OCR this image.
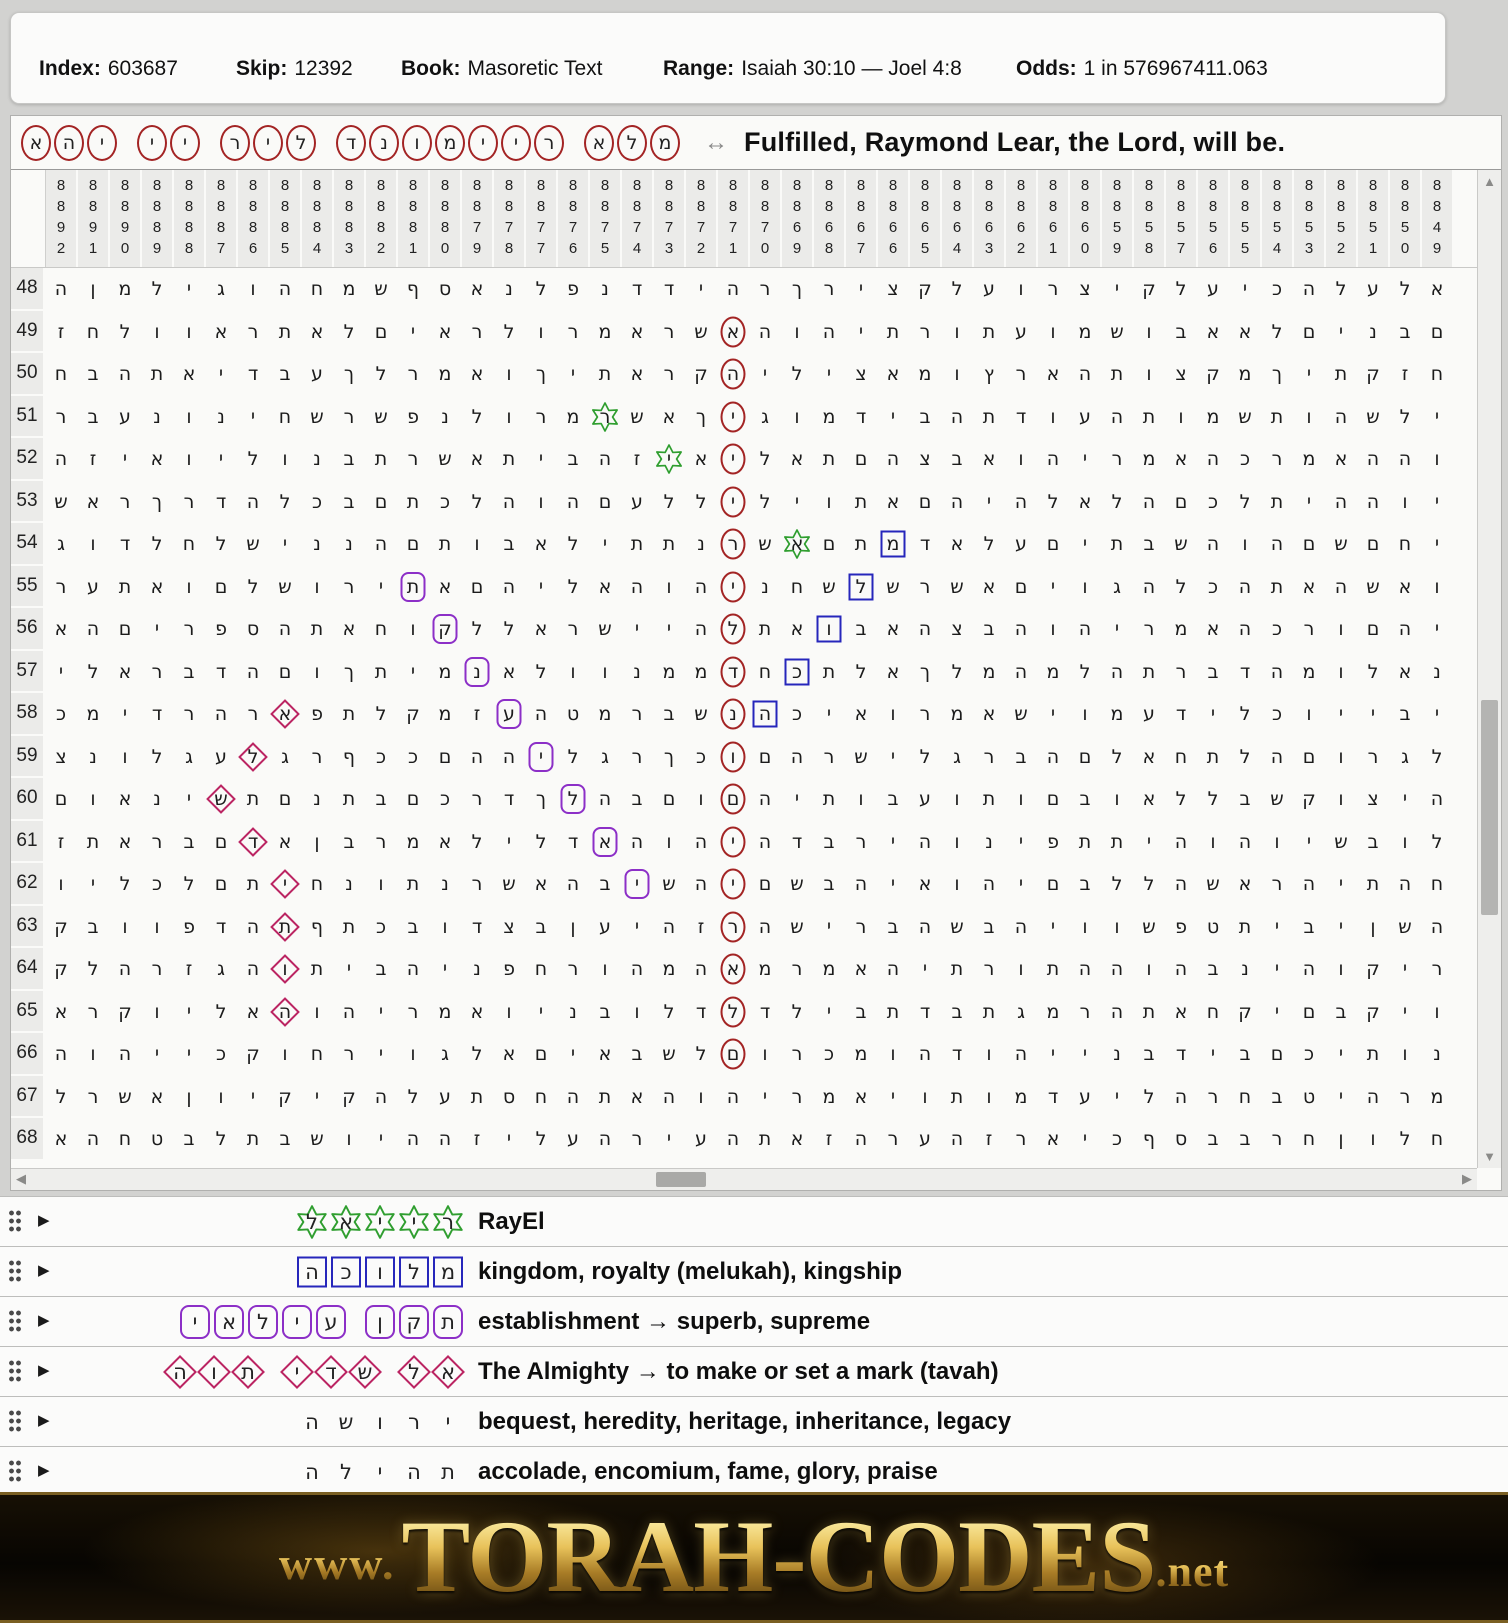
Index: 603687	Skip: 12392 Book: Masoretic Text	Range: Isaiah 30:10 — Joel 4:8	Odds: 1 in 576967411.063
א	ה	י	י	י	ר	י	ל	ד	נ	ו	מ	י	י	ר	א	ל	מ	↔ Fulfilled, Raymond Lear, the Lord, will be.
8
8
9
2
8
8
9
1
8
8
9
0
8
8
8
9
8
8
8
8
8
8
8
7
8
8
8
6
8
8
8
5
8
8
8
4
8
8
8
3
8
8
8
2
8
8
8
1
8
8
8
0
8
8
7
9
8
8
7
8
8
8
7
7
8
8
7
6
8
8
7
5
8
8
7
4
8
8
7
3
8
8
7
2
8
8
7
1
8
8
7
0
8
8
6
9
8
8
6
8
8
8
6
7
8
8
6
6
8
8
6
5
8
8
6
4
8
8
6
3
8
8
6
2
8
8
6
1
8
8
6
0
8
8
5
9
8
8
5
8
8
8
5
7
8
8
5
6
8
8
5
5
8
8
5
4
8
8
5
3
8
8
5
2
8
8
5
1
8
8
5
0
8
8
4
9
48 ה ן מ ל י ג ו ה ח מ ש ף ס א נ ל פ נ ד ד י ה ר ך ר י צ ק ל ע ו ר צ י ק ל ע י כ ה ל ע ל א
49	ז ח ל ו ו א ר ת א ל ם י א ר ל ו ר מ א ר ש א ה ו ה י ת ר ו ת ע ו מ ש ו ב א א ל ם י נ ב ם
50 ח ב ה ת א י ד ב ע ך ל ר מ א ו ך י ת א ר ק ה י ל י צ א מ ו ץ ר א ה ת ו צ ק מ ך י ת ק ז ח
51 ר ב ע נ ו נ י ח ש ר ש פ נ ל ו ר מ ר ש א ך י ג ו מ ד י ב ה ת ד ו ע ה ת ו מ ש ת ו ה ש ל י
52 ה ז י א ו י ל ו נ ב ת ר ש א ת י ב ה ז י א י ל א ת ם ה צ ב א ו ה י ר מ א ה כ ר מ א ה ה ו
53 ש א ר ך ר ד ה ל כ ב ם ת כ ל ה ו ה ם ע ל ל י ל י ו ת א ם ה י ה ל א ל ה ם כ ל ת י ה ה ו י
54	ג ו ד ל ח ל ש י נ נ ה ם ת ו ב א ל י ת ת נ ר ש א ם ת מ ד א ל ע ם י ת ב ש ה ו ה ם ש ם ח י
55 ר ע ת א ו ם ל ש ו ר י ת א ם ה י ל א ה ו ה י נ ח ש ל ש ר ש א ם י ו ג ה ל כ ה ת א ה ש א ו
56 א ה ם י ר פ ס ה ת א ח ו ק ל ל א ר ש י י ה ל ת א ו ב א ה צ ב ה ו ה י ר מ א ה כ ר ו ם ה י
57	י ל א ר ב ד ה ם ו ך ת י מ נ א ל ו ו נ מ מ ד ח כ ת ל א ך ל מ ה מ ל ה ת ר ב ד ה מ ו ל א נ
58 כ מ י ד ר ה ר א פ ת ל ק מ ז ע ה ט מ ר ב ש נ ה כ י א ו ר מ א ש י ו מ ע ד י ל כ ו י י ב י
59 צ נ ו ל ג ע ל ג ר ף כ כ ם ה ה י ל ג ר ך כ ו ם ה ר ש י ל ג ר ב ה ם ל א ח ת ל ה ם ו ר ג ל
60 ם ו א נ י ש ת ם נ ת ב ם כ ר ד ך ל ה ב ם ו ם ה י ת ו ב ע ו ת ו ם ב ו א ל ל ב ש ק ו צ י ה
61	ז ת א ר ב ם ד א ן ב ר מ א ל י ל ד א ה ו ה י ה ד ב ר י ה ו נ י פ ת ת י ה ו ה ו י ש ב ו ל
62	ו י ל כ ל ם ת י ח נ ו ת נ ר ש א ה ב י ש ה י ם ש ב ה י א ו ה י ם ב ל ל ה ש א ר ה י ת ה ח
63 ק ב ו ו פ ד ה ת ף ת כ ב ו ד צ ב ן ע י ה ז ר ה ש י ר ב ה ש ב ה י ו ו ש פ ט ת י ב י ן ש ה
64 ק ל ה ר ז ג ה ו ת י ב ה י נ פ ח ר ו ה מ ה א מ ר מ א ה י ת ר ו ת ה ה ו ה ב נ י ה ו ק י ר
65 א ר ק ו י ל א ה ו ה י ר מ א ו י נ ב ו ל ד ל ד ל י ב ת ד ב ת ג מ ר ה ת א ח ק י ם ב ק י ו
66 ה ו ה י י כ ק ו ח ר י ו ג ל א ם י א ב ש ל ם ו ר כ מ ו ה ד ו ה י י נ ב ד י ב ם כ י ת ו נ
67 ל ר ש א ן ו י ק י ק ה ל ע ת ס ח ה ת א ה ו ה י ר מ א י ו ת ו מ ד ע י ל ה ר ח ב ט י ה ר מ
68 א ה ח ט ב ל ת ב ש ו י ה ה ז י ל ע ה ר י ע ה ת א ז ה ר ע ה ז ר א י כ ף ס ב ב ר ח ן ו ל ח
▲
▼
◀	▶
▶	ל א י י ר RayEl
▶	ה כ ו ל מ kingdom, royalty (melukah), kingship
▶	י א ל י ע ן ק ת establishment → superb, supreme
▶	ה ו ת י ד ש ל א The Almighty → to make or set a mark (tavah)
▶	ה ש ו ר י bequest, heredity, heritage, inheritance, legacy
▶	ה ל י ה ת accolade, encomium, fame, glory, praise
www. TORAH-CODES .net
